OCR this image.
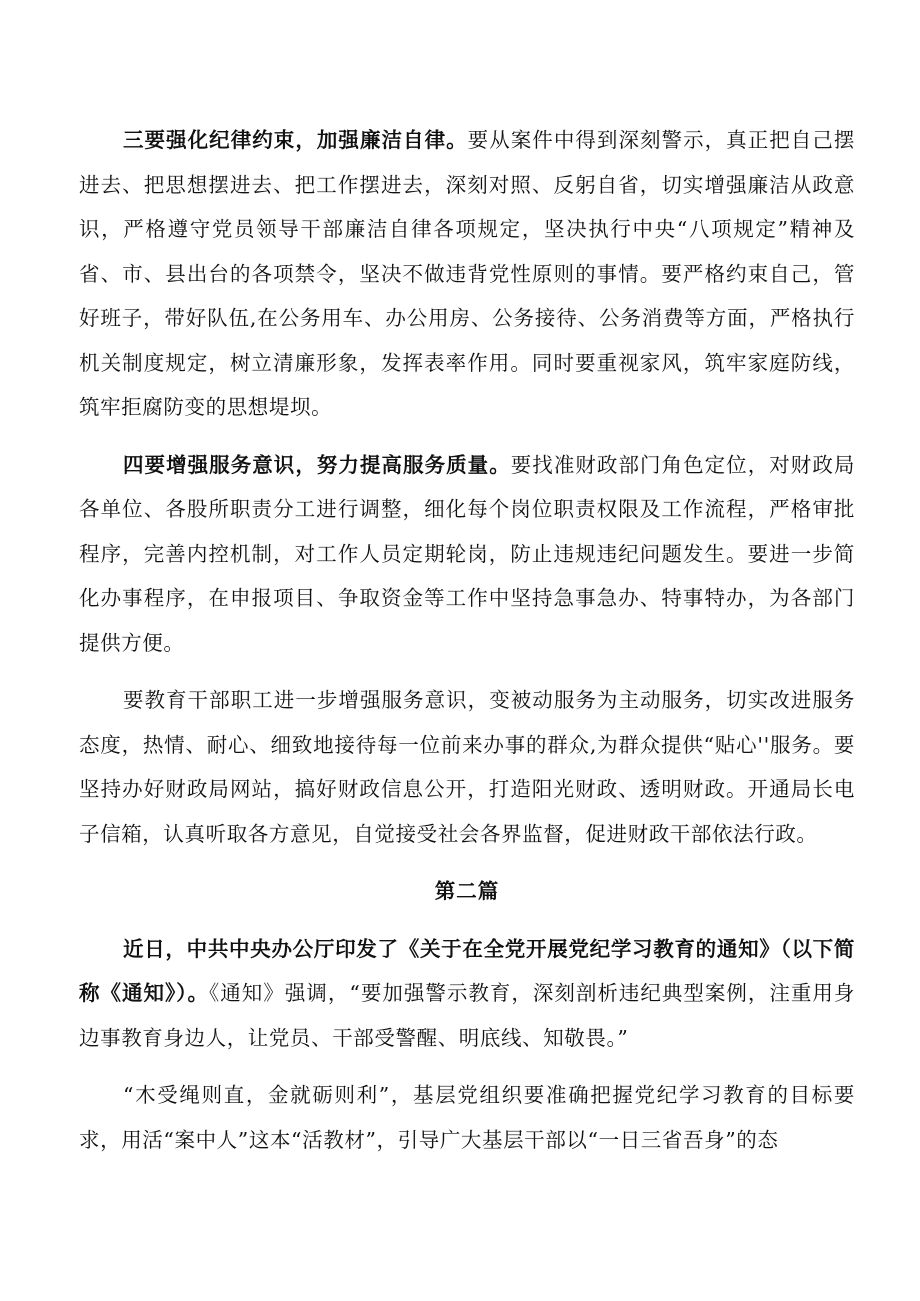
三要强化纪律约束，加强廉洁自律。要从案件中得到深刻警示，真正把自己摆进去、把思想摆进去、把工作摆进去，深刻对照、反躬自省，切实增强廉洁从政意识，严格遵守党员领导干部廉洁自律各项规定，坚决执行中央“八项规定”精神及省、市、县出台的各项禁令，坚决不做违背党性原则的事情。要严格约束自己，管好班子，带好队伍,在公务用车、办公用房、公务接待、公务消费等方面，严格执行机关制度规定，树立清廉形象，发挥表率作用。同时要重视家风，筑牢家庭防线，筑牢拒腐防变的思想堤坝。

四要增强服务意识，努力提高服务质量。要找准财政部门角色定位，对财政局各单位、各股所职责分工进行调整，细化每个岗位职责权限及工作流程，严格审批程序，完善内控机制，对工作人员定期轮岗，防止违规违纪问题发生。要进一步简化办事程序，在申报项目、争取资金等工作中坚持急事急办、特事特办，为各部门提供方便。

要教育干部职工进一步增强服务意识，变被动服务为主动服务，切实改进服务态度，热情、耐心、细致地接待每一位前来办事的群众,为群众提供“贴心''服务。要坚持办好财政局网站，搞好财政信息公开，打造阳光财政、透明财政。开通局长电子信箱，认真听取各方意见，自觉接受社会各界监督，促进财政干部依法行政。

第二篇

近日，中共中央办公厅印发了《关于在全党开展党纪学习教育的通知》（以下简称《通知》）。《通知》强调，“要加强警示教育，深刻剖析违纪典型案例，注重用身边事教育身边人，让党员、干部受警醒、明底线、知敬畏。”

“木受绳则直，金就砺则利”，基层党组织要准确把握党纪学习教育的目标要求，用活“案中人”这本“活教材”，引导广大基层干部以“一日三省吾身”的态
